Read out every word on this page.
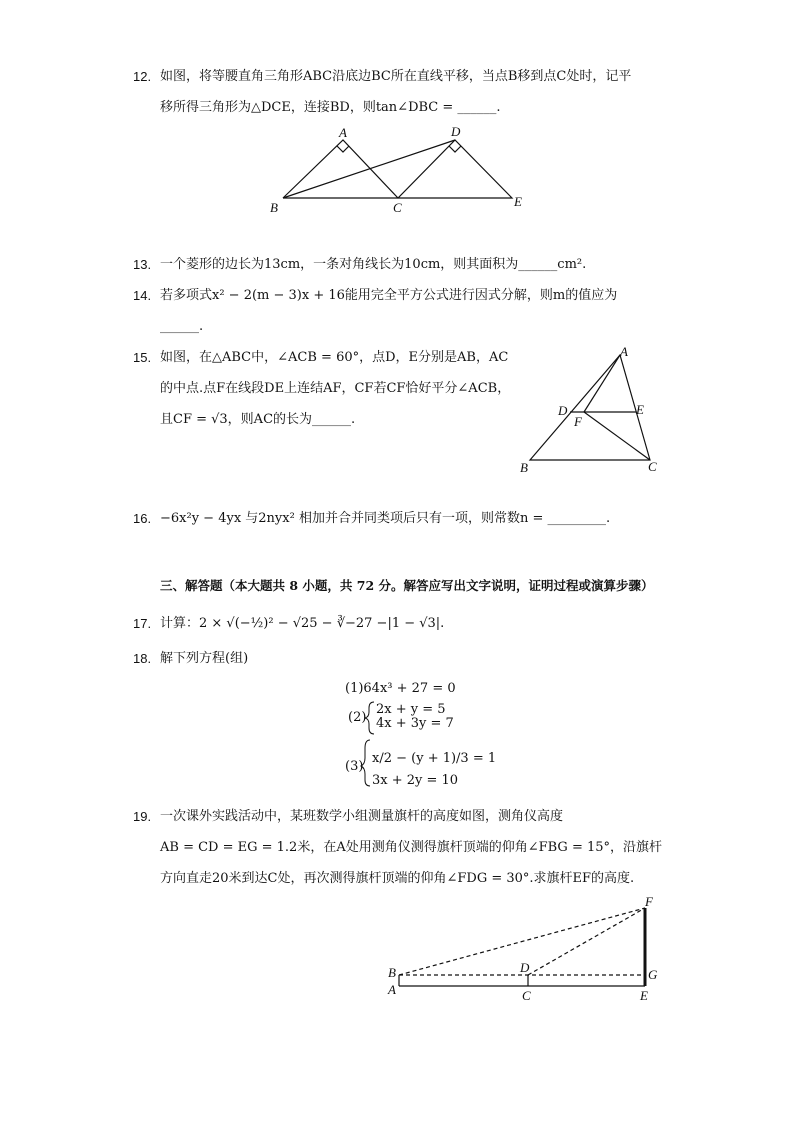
12. 如图，将等腰直角三角形ABC沿底边BC所在直线平移，当点B移到点C处时，记平
移所得三角形为△DCE，连接BD，则tan∠DBC = ______.
A
B	C
D
E
13. 一个菱形的边长为13cm，一条对角线长为10cm，则其面积为______cm².
14. 若多项式x² − 2(m − 3)x + 16能用完全平方公式进行因式分解，则m的值应为
______.
15. 如图，在△ABC中，∠ACB = 60°，点D，E分别是AB，AC
的中点.点F在线段DE上连结AF，CF若CF恰好平分∠ACB，
且CF = √3，则AC的长为______.
A
B	C
D	E
F
16. −6x²y − 4yx 与2nyx² 相加并合并同类项后只有一项，则常数n = _________.
三、解答题（本大题共 8 小题，共 72 分。解答应写出文字说明，证明过程或演算步骤）
17. 计算：2 × √(−½)² − √25 − ∛−27 −|1 − √3|.
18. 解下列方程(组)
(1)64x³ + 27 = 0
(2)
2x + y = 5
4x + 3y = 7
(3)
x/2 − (y + 1)/3 = 1
3x + 2y = 10
19. 一次课外实践活动中，某班数学小组测量旗杆的高度如图，测角仪高度
AB = CD = EG = 1.2米，在A处用测角仪测得旗杆顶端的仰角∠FBG = 15°，沿旗杆
方向直走20米到达C处，再次测得旗杆顶端的仰角∠FDG = 30°.求旗杆EF的高度.
B
A
D
C
F
G
E
